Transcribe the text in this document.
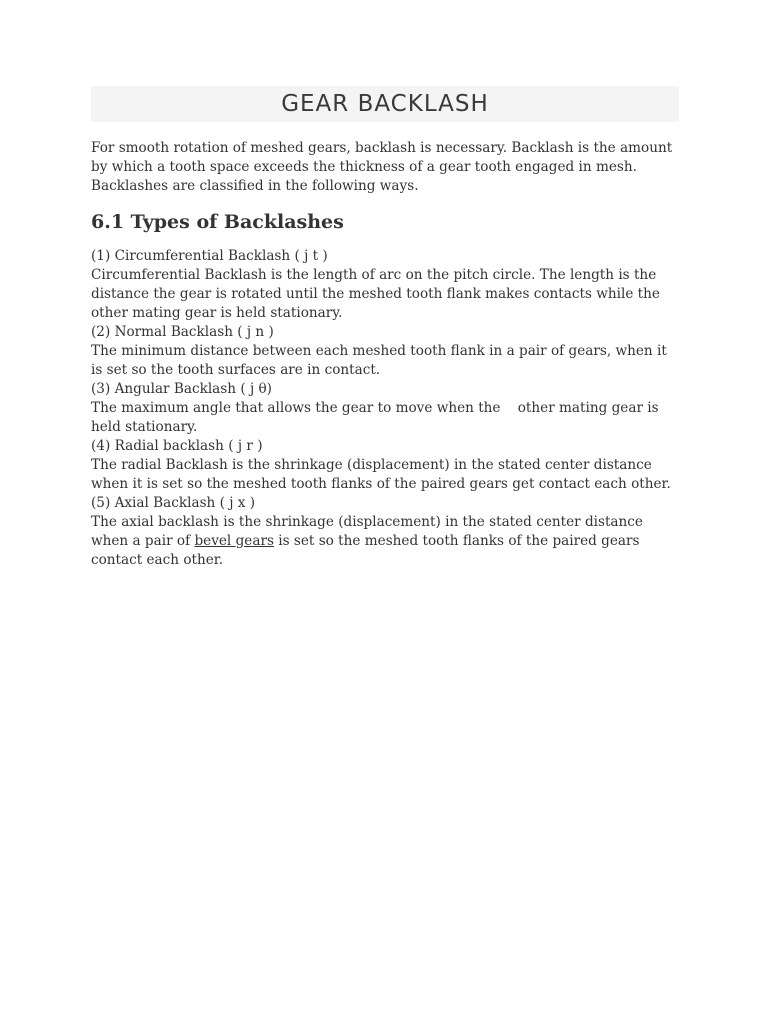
GEAR BACKLASH

For smooth rotation of meshed gears, backlash is necessary. Backlash is the amount by which a tooth space exceeds the thickness of a gear tooth engaged in mesh. Backlashes are classified in the following ways.

6.1 Types of Backlashes

(1) Circumferential Backlash ( j t )

Circumferential Backlash is the length of arc on the pitch circle. The length is the distance the gear is rotated until the meshed tooth flank makes contacts while the other mating gear is held stationary.

(2) Normal Backlash ( j n )

The minimum distance between each meshed tooth flank in a pair of gears, when it is set so the tooth surfaces are in contact.

(3) Angular Backlash ( j θ)

The maximum angle that allows the gear to move when the    other mating gear is held stationary.

(4) Radial backlash ( j r )

The radial Backlash is the shrinkage (displacement) in the stated center distance when it is set so the meshed tooth flanks of the paired gears get contact each other.

(5) Axial Backlash ( j x )

The axial backlash is the shrinkage (displacement) in the stated center distance when a pair of bevel gears is set so the meshed tooth flanks of the paired gears contact each other.
